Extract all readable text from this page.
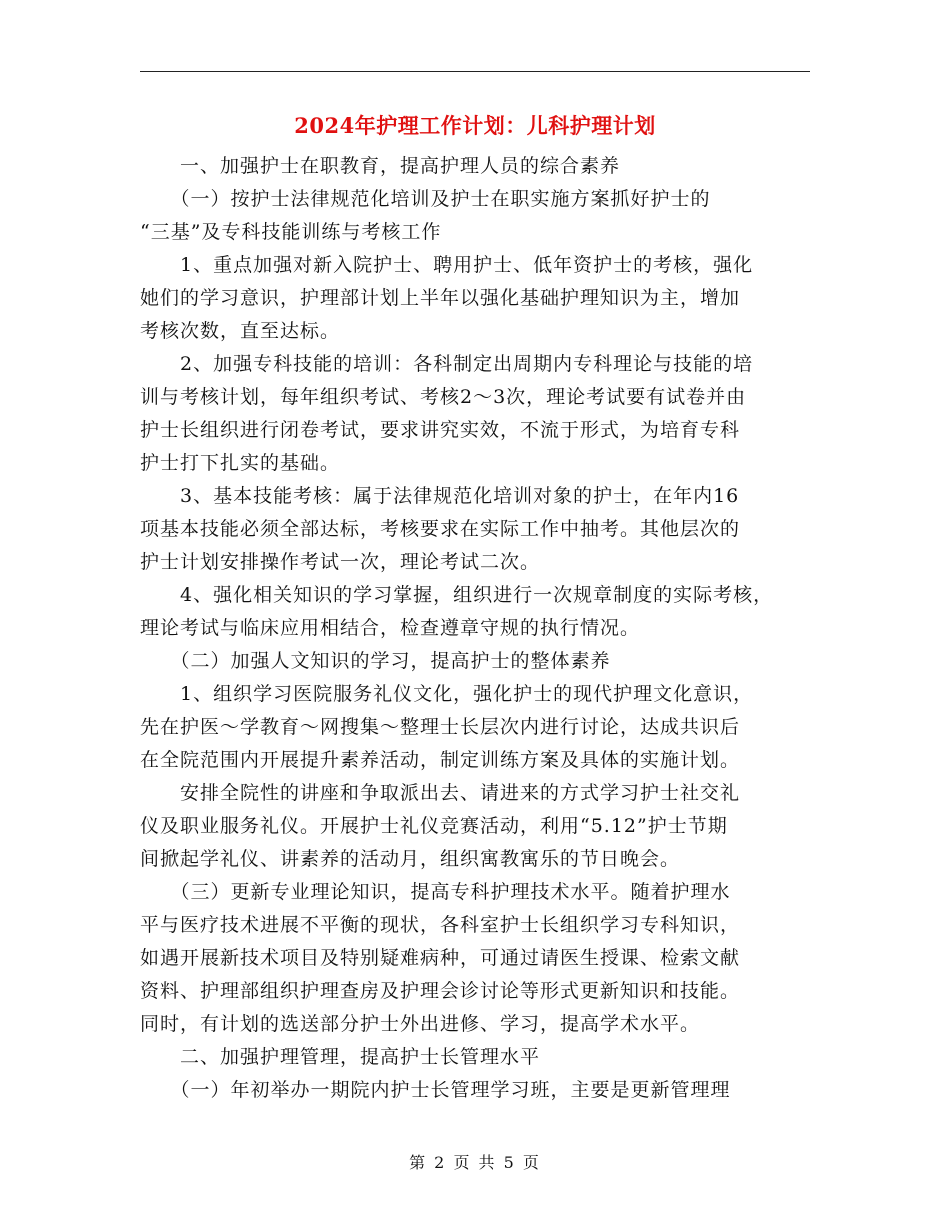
2024年护理工作计划：儿科护理计划
　　一、加强护士在职教育，提高护理人员的综合素养
　　（一）按护士法律规范化培训及护士在职实施方案抓好护士的
“三基”及专科技能训练与考核工作
　　1、重点加强对新入院护士、聘用护士、低年资护士的考核，强化
她们的学习意识，护理部计划上半年以强化基础护理知识为主，增加
考核次数，直至达标。
　　2、加强专科技能的培训：各科制定出周期内专科理论与技能的培
训与考核计划，每年组织考试、考核2～3次，理论考试要有试卷并由
护士长组织进行闭卷考试，要求讲究实效，不流于形式，为培育专科
护士打下扎实的基础。
　　3、基本技能考核：属于法律规范化培训对象的护士，在年内16
项基本技能必须全部达标，考核要求在实际工作中抽考。其他层次的
护士计划安排操作考试一次，理论考试二次。
　　4、强化相关知识的学习掌握，组织进行一次规章制度的实际考核，
理论考试与临床应用相结合，检查遵章守规的执行情况。
　　（二）加强人文知识的学习，提高护士的整体素养
　　1、组织学习医院服务礼仪文化，强化护士的现代护理文化意识，
先在护医～学教育～网搜集～整理士长层次内进行讨论，达成共识后
在全院范围内开展提升素养活动，制定训练方案及具体的实施计划。
　　安排全院性的讲座和争取派出去、请进来的方式学习护士社交礼
仪及职业服务礼仪。开展护士礼仪竞赛活动，利用“5.12”护士节期
间掀起学礼仪、讲素养的活动月，组织寓教寓乐的节日晚会。
　　（三）更新专业理论知识，提高专科护理技术水平。随着护理水
平与医疗技术进展不平衡的现状，各科室护士长组织学习专科知识，
如遇开展新技术项目及特别疑难病种，可通过请医生授课、检索文献
资料、护理部组织护理查房及护理会诊讨论等形式更新知识和技能。
同时，有计划的选送部分护士外出进修、学习，提高学术水平。
　　二、加强护理管理，提高护士长管理水平
　　（一）年初举办一期院内护士长管理学习班，主要是更新管理理
第 2 页 共 5 页
